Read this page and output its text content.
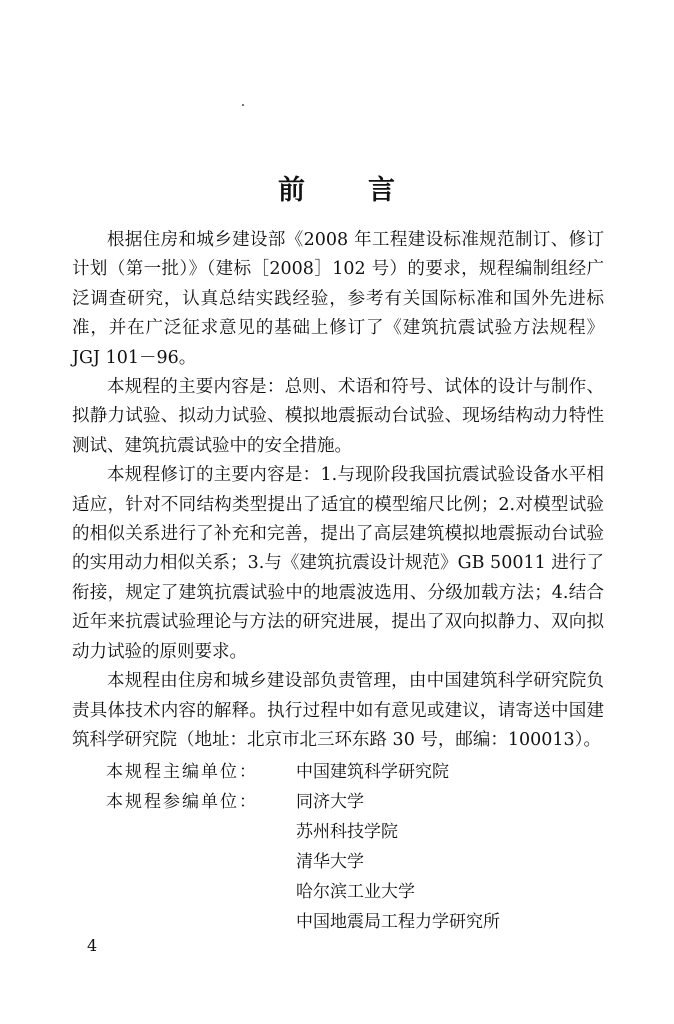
前 言

根据住房和城乡建设部《2008 年工程建设标准规范制订、修订计划（第一批）》（建标［2008］102 号）的要求，规程编制组经广泛调查研究，认真总结实践经验，参考有关国际标准和国外先进标准，并在广泛征求意见的基础上修订了《建筑抗震试验方法规程》JGJ 101－96。

本规程的主要内容是：总则、术语和符号、试体的设计与制作、拟静力试验、拟动力试验、模拟地震振动台试验、现场结构动力特性测试、建筑抗震试验中的安全措施。

本规程修订的主要内容是：1.与现阶段我国抗震试验设备水平相适应，针对不同结构类型提出了适宜的模型缩尺比例；2.对模型试验的相似关系进行了补充和完善，提出了高层建筑模拟地震振动台试验的实用动力相似关系；3.与《建筑抗震设计规范》GB 50011 进行了衔接，规定了建筑抗震试验中的地震波选用、分级加载方法；4.结合近年来抗震试验理论与方法的研究进展，提出了双向拟静力、双向拟动力试验的原则要求。

本规程由住房和城乡建设部负责管理，由中国建筑科学研究院负责具体技术内容的解释。执行过程中如有意见或建议，请寄送中国建筑科学研究院（地址：北京市北三环东路 30 号，邮编：100013）。

本规程主编单位： 中国建筑科学研究院
本规程参编单位： 同济大学
苏州科技学院
清华大学
哈尔滨工业大学
中国地震局工程力学研究所
4
